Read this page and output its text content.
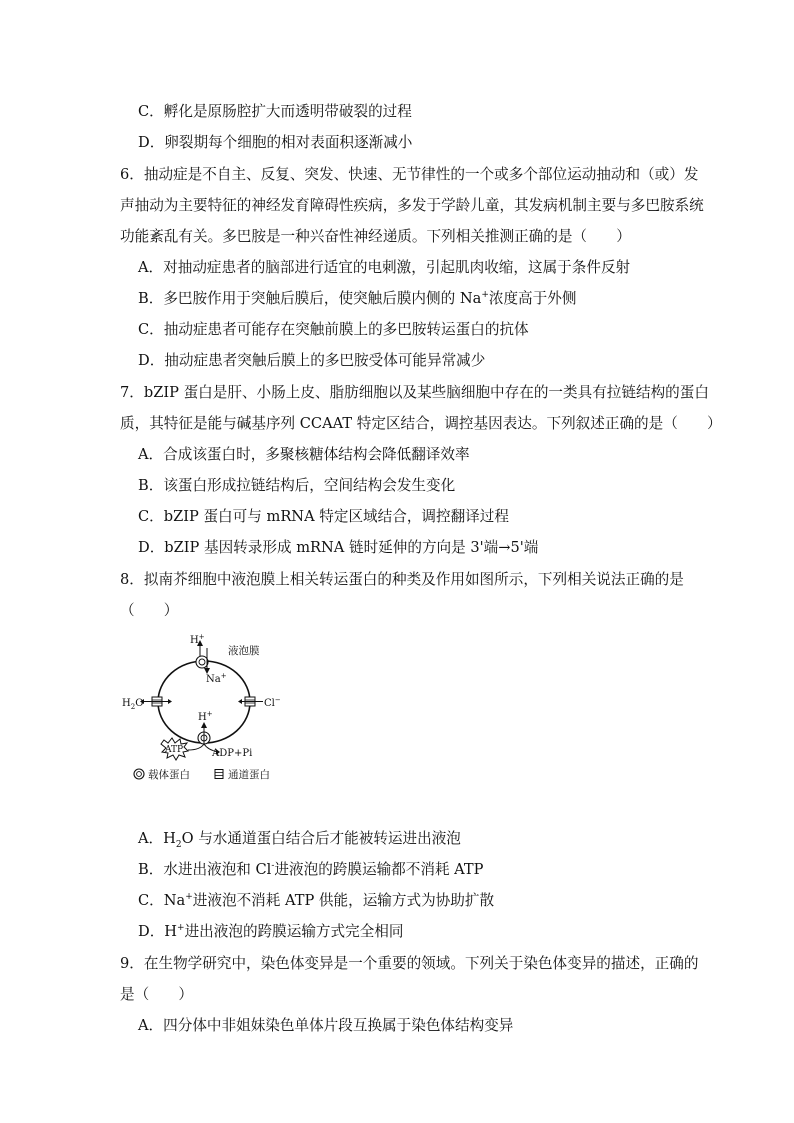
C．孵化是原肠腔扩大而透明带破裂的过程
D．卵裂期每个细胞的相对表面积逐渐减小
6．抽动症是不自主、反复、突发、快速、无节律性的一个或多个部位运动抽动和（或）发
声抽动为主要特征的神经发育障碍性疾病，多发于学龄儿童，其发病机制主要与多巴胺系统
功能紊乱有关。多巴胺是一种兴奋性神经递质。下列相关推测正确的是（　　）
A．对抽动症患者的脑部进行适宜的电刺激，引起肌肉收缩，这属于条件反射
B．多巴胺作用于突触后膜后，使突触后膜内侧的 Na+浓度高于外侧
C．抽动症患者可能存在突触前膜上的多巴胺转运蛋白的抗体
D．抽动症患者突触后膜上的多巴胺受体可能异常减少
7．bZIP 蛋白是肝、小肠上皮、脂肪细胞以及某些脑细胞中存在的一类具有拉链结构的蛋白
质，其特征是能与碱基序列 CCAAT 特定区结合，调控基因表达。下列叙述正确的是（　　）
A．合成该蛋白时，多聚核糖体结构会降低翻译效率
B．该蛋白形成拉链结构后，空间结构会发生变化
C．bZIP 蛋白可与 mRNA 特定区域结合，调控翻译过程
D．bZIP 基因转录形成 mRNA 链时延伸的方向是 3'端→5'端
8．拟南芥细胞中液泡膜上相关转运蛋白的种类及作用如图所示，下列相关说法正确的是
（　　）
H+
Na+
液泡膜
$H_2O$	Cl−
H+
ATP	ADP+Pi
载体蛋白	通道蛋白
A．$H_2O$ 与水通道蛋白结合后才能被转运进出液泡
B．水进出液泡和 Cl-进液泡的跨膜运输都不消耗 ATP
C．Na+进液泡不消耗 ATP 供能，运输方式为协助扩散
D．H+进出液泡的跨膜运输方式完全相同
9．在生物学研究中，染色体变异是一个重要的领域。下列关于染色体变异的描述，正确的
是（　　）
A．四分体中非姐妹染色单体片段互换属于染色体结构变异
